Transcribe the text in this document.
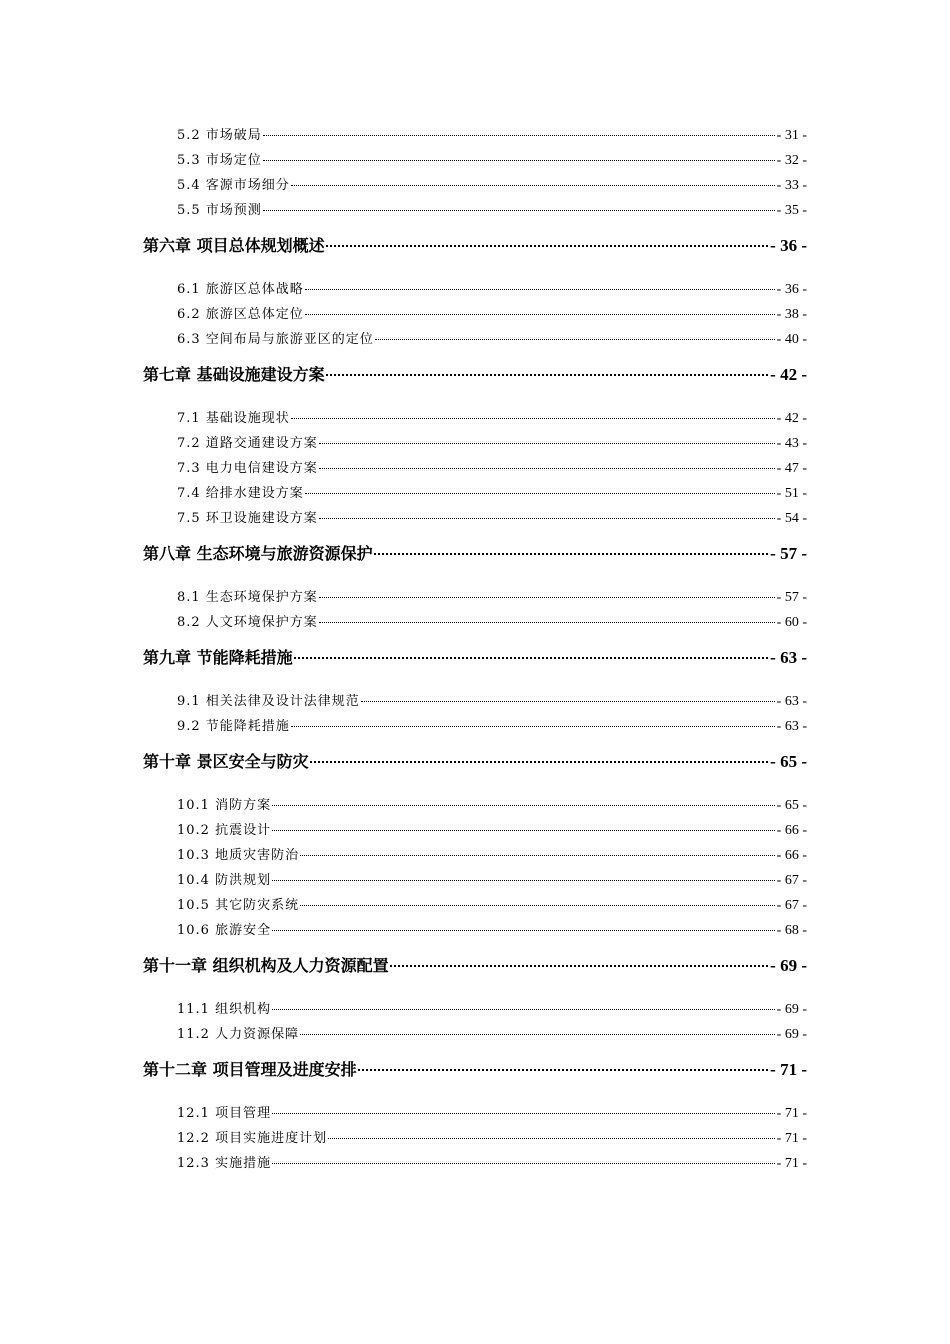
5.2 市场破局	- 31 -
5.3 市场定位	- 32 -
5.4 客源市场细分	- 33 -
5.5 市场预测	- 35 -
第六章 项目总体规划概述	- 36 -
6.1 旅游区总体战略	- 36 -
6.2 旅游区总体定位	- 38 -
6.3 空间布局与旅游亚区的定位	- 40 -
第七章 基础设施建设方案	- 42 -
7.1 基础设施现状	- 42 -
7.2 道路交通建设方案	- 43 -
7.3 电力电信建设方案	- 47 -
7.4 给排水建设方案	- 51 -
7.5 环卫设施建设方案	- 54 -
第八章 生态环境与旅游资源保护	- 57 -
8.1 生态环境保护方案	- 57 -
8.2 人文环境保护方案	- 60 -
第九章 节能降耗措施	- 63 -
9.1 相关法律及设计法律规范	- 63 -
9.2 节能降耗措施	- 63 -
第十章 景区安全与防灾	- 65 -
10.1 消防方案	- 65 -
10.2 抗震设计	- 66 -
10.3 地质灾害防治	- 66 -
10.4 防洪规划	- 67 -
10.5 其它防灾系统	- 67 -
10.6 旅游安全	- 68 -
第十一章 组织机构及人力资源配置	- 69 -
11.1 组织机构	- 69 -
11.2 人力资源保障	- 69 -
第十二章 项目管理及进度安排	- 71 -
12.1 项目管理	- 71 -
12.2 项目实施进度计划	- 71 -
12.3 实施措施	- 71 -
